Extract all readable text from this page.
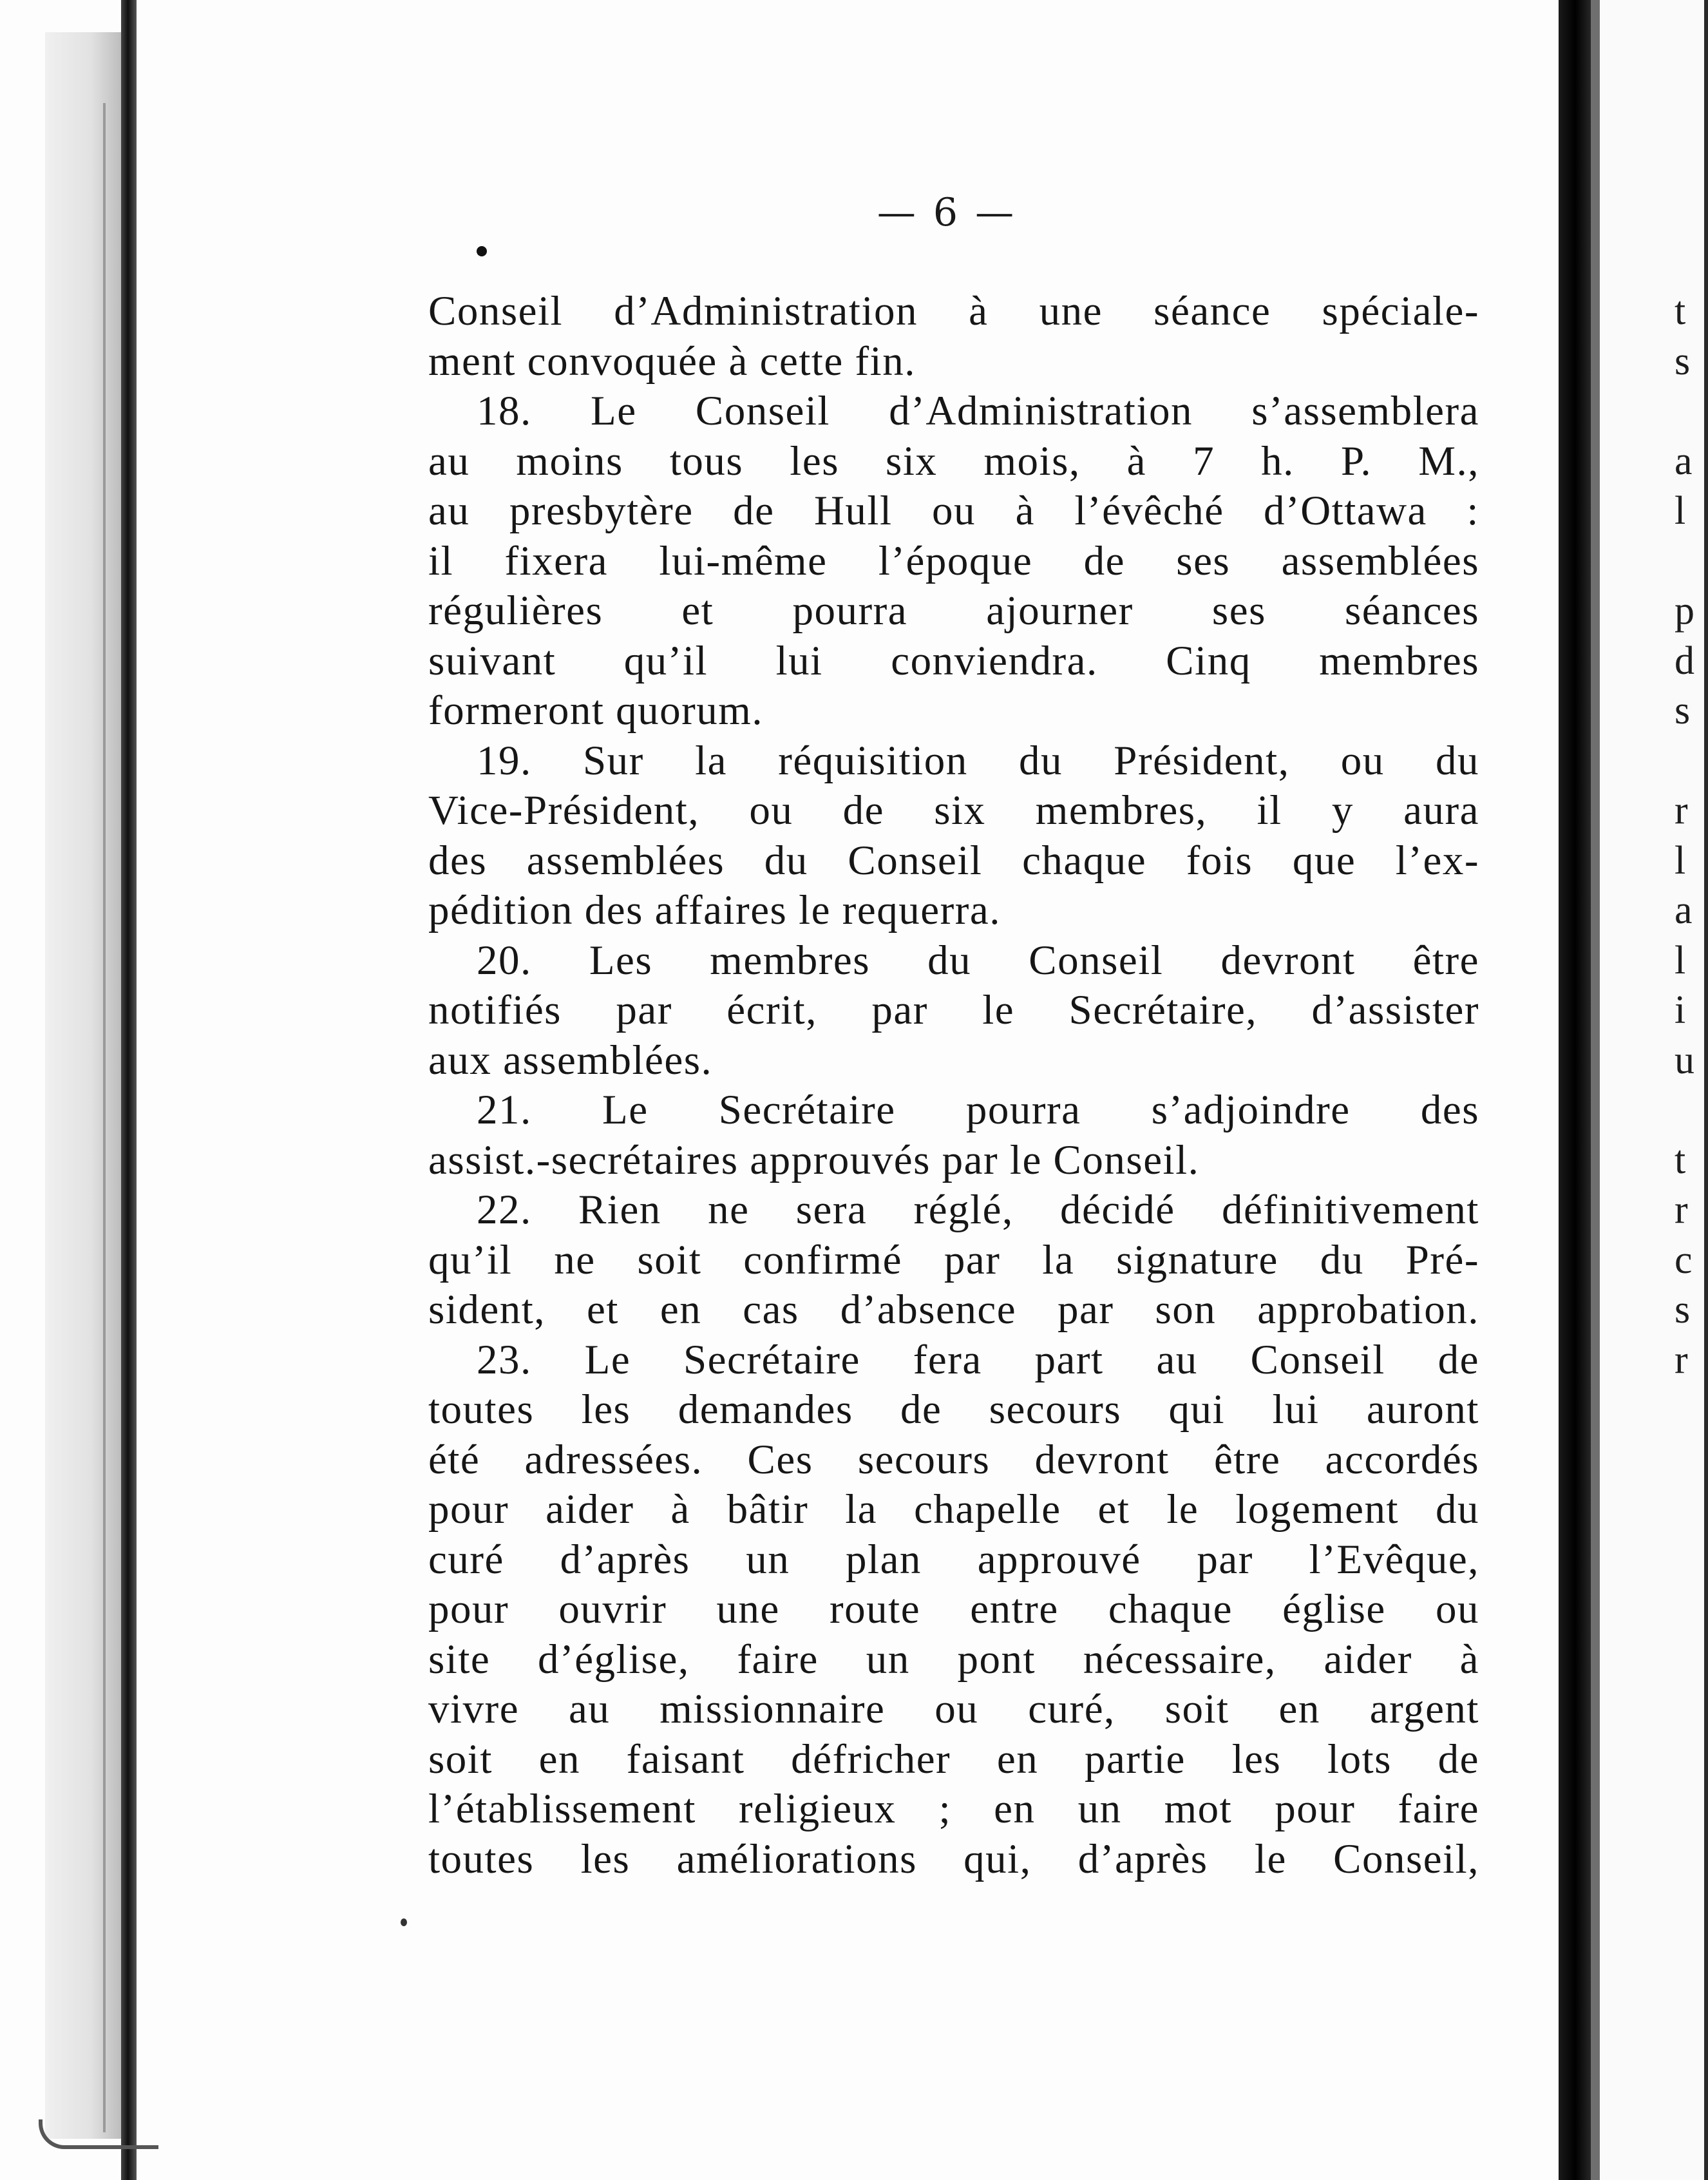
— 6 —
Conseil d’Administration à une séance spéciale-
ment convoquée à cette fin.
18. Le Conseil d’Administration s’assemblera
au moins tous les six mois, à 7 h. P. M.,
au presbytère de Hull ou à l’évêché d’Ottawa :
il fixera lui-même l’époque de ses assemblées
régulières et pourra ajourner ses séances
suivant qu’il lui conviendra. Cinq membres
formeront quorum.
19. Sur la réquisition du Président, ou du
Vice-Président, ou de six membres, il y aura
des assemblées du Conseil chaque fois que l’ex-
pédition des affaires le requerra.
20. Les membres du Conseil devront être
notifiés par écrit, par le Secrétaire, d’assister
aux assemblées.
21. Le Secrétaire pourra s’adjoindre des
assist.-secrétaires approuvés par le Conseil.
22. Rien ne sera réglé, décidé définitivement
qu’il ne soit confirmé par la signature du Pré-
sident, et en cas d’absence par son approbation.
23. Le Secrétaire fera part au Conseil de
toutes les demandes de secours qui lui auront
été adressées. Ces secours devront être accordés
pour aider à bâtir la chapelle et le logement du
curé d’après un plan approuvé par l’Evêque,
pour ouvrir une route entre chaque église ou
site d’église, faire un pont nécessaire, aider à
vivre au missionnaire ou curé, soit en argent
soit en faisant défricher en partie les lots de
l’établissement religieux ; en un mot pour faire
toutes les améliorations qui, d’après le Conseil,
t
s
a
l
p
d
s
r
l
a
l
i
u
t
r
c
s
r
